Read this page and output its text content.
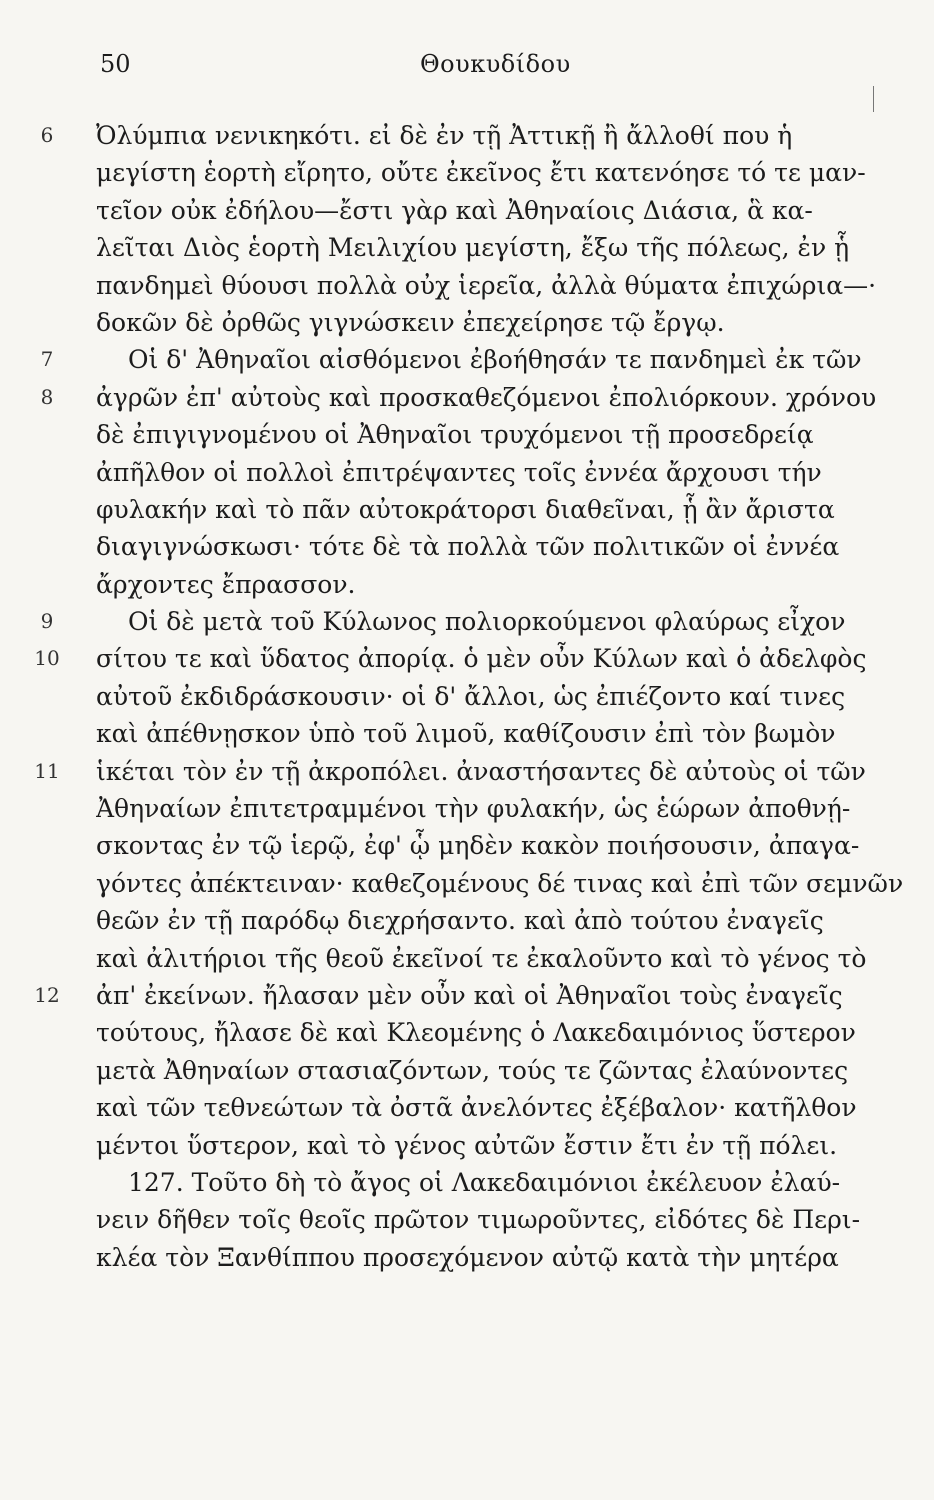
50	Θουκυδίδου
6	Ὀλύμπια νενικηκότι. εἰ δὲ ἐν τῇ Ἀττικῇ ἢ ἄλλοθί που ἡ
μεγίστη ἑορτὴ εἴρητο, οὔτε ἐκεῖνος ἔτι κατενόησε τό τε μαν-
τεῖον οὐκ ἐδήλου—ἔστι γὰρ καὶ Ἀθηναίοις Διάσια, ἃ κα-
λεῖται Διὸς ἑορτὴ Μειλιχίου μεγίστη, ἔξω τῆς πόλεως, ἐν ᾗ
πανδημεὶ θύουσι πολλὰ οὐχ ἱερεῖα, ἀλλὰ θύματα ἐπιχώρια—·
δοκῶν δὲ ὀρθῶς γιγνώσκειν ἐπεχείρησε τῷ ἔργῳ.
7	Οἱ δ' Ἀθηναῖοι αἰσθόμενοι ἐβοήθησάν τε πανδημεὶ ἐκ τῶν
8	ἀγρῶν ἐπ' αὐτοὺς καὶ προσκαθεζόμενοι ἐπολιόρκουν. χρόνου
δὲ ἐπιγιγνομένου οἱ Ἀθηναῖοι τρυχόμενοι τῇ προσεδρείᾳ
ἀπῆλθον οἱ πολλοὶ ἐπιτρέψαντες τοῖς ἐννέα ἄρχουσι τήν
φυλακήν καὶ τὸ πᾶν αὐτοκράτορσι διαθεῖναι, ᾗ ἂν ἄριστα
διαγιγνώσκωσι· τότε δὲ τὰ πολλὰ τῶν πολιτικῶν οἱ ἐννέα
ἄρχοντες ἔπρασσον.
9	Οἱ δὲ μετὰ τοῦ Κύλωνος πολιορκούμενοι φλαύρως εἶχον
10	σίτου τε καὶ ὕδατος ἀπορίᾳ. ὁ μὲν οὖν Κύλων καὶ ὁ ἀδελφὸς
αὐτοῦ ἐκδιδράσκουσιν· οἱ δ' ἄλλοι, ὡς ἐπιέζοντο καί τινες
καὶ ἀπέθνῃσκον ὑπὸ τοῦ λιμοῦ, καθίζουσιν ἐπὶ τὸν βωμὸν
11	ἱκέται τὸν ἐν τῇ ἀκροπόλει. ἀναστήσαντες δὲ αὐτοὺς οἱ τῶν
Ἀθηναίων ἐπιτετραμμένοι τὴν φυλακήν, ὡς ἑώρων ἀποθνῄ-
σκοντας ἐν τῷ ἱερῷ, ἐφ' ᾧ μηδὲν κακὸν ποιήσουσιν, ἀπαγα-
γόντες ἀπέκτειναν· καθεζομένους δέ τινας καὶ ἐπὶ τῶν σεμνῶν
θεῶν ἐν τῇ παρόδῳ διεχρήσαντο. καὶ ἀπὸ τούτου ἐναγεῖς
καὶ ἀλιτήριοι τῆς θεοῦ ἐκεῖνοί τε ἐκαλοῦντο καὶ τὸ γένος τὸ
12	ἀπ' ἐκείνων. ἤλασαν μὲν οὖν καὶ οἱ Ἀθηναῖοι τοὺς ἐναγεῖς
τούτους, ἤλασε δὲ καὶ Κλεομένης ὁ Λακεδαιμόνιος ὕστερον
μετὰ Ἀθηναίων στασιαζόντων, τούς τε ζῶντας ἐλαύνοντες
καὶ τῶν τεθνεώτων τὰ ὀστᾶ ἀνελόντες ἐξέβαλον· κατῆλθον
μέντοι ὕστερον, καὶ τὸ γένος αὐτῶν ἔστιν ἔτι ἐν τῇ πόλει.
127. Τοῦτο δὴ τὸ ἄγος οἱ Λακεδαιμόνιοι ἐκέλευον ἐλαύ-
νειν δῆθεν τοῖς θεοῖς πρῶτον τιμωροῦντες, εἰδότες δὲ Περι-
κλέα τὸν Ξανθίππου προσεχόμενον αὐτῷ κατὰ τὴν μητέρα
